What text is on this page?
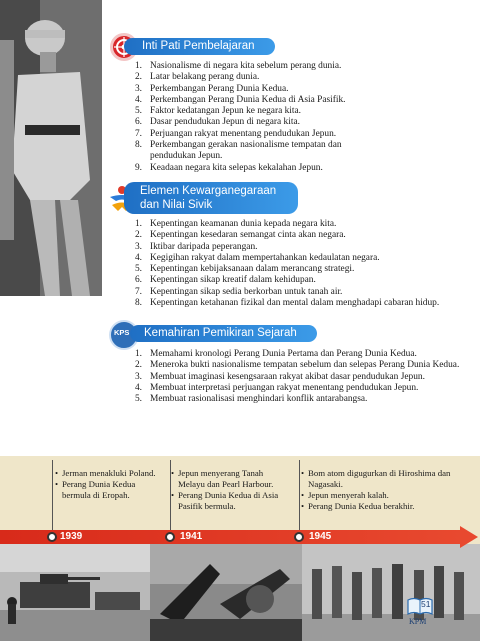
Inti Pati Pembelajaran
1. Nasionalisme di negara kita sebelum perang dunia.
2. Latar belakang perang dunia.
3. Perkembangan Perang Dunia Kedua.
4. Perkembangan Perang Dunia Kedua di Asia Pasifik.
5. Faktor kedatangan Jepun ke negara kita.
6. Dasar pendudukan Jepun di negara kita.
7. Perjuangan rakyat menentang pendudukan Jepun.
8. Perkembangan gerakan nasionalisme tempatan dan pendudukan Jepun.
9. Keadaan negara kita selepas kekalahan Jepun.
Elemen Kewarganegaraan
dan Nilai Sivik
1. Kepentingan keamanan dunia kepada negara kita.
2. Kepentingan kesedaran semangat cinta akan negara.
3. Iktibar daripada peperangan.
4. Kegigihan rakyat dalam mempertahankan kedaulatan negara.
5. Kepentingan kebijaksanaan dalam merancang strategi.
6. Kepentingan sikap kreatif dalam kehidupan.
7. Kepentingan sikap sedia berkorban untuk tanah air.
8. Kepentingan ketahanan fizikal dan mental dalam menghadapi cabaran hidup.
KPS	Kemahiran Pemikiran Sejarah
1. Memahami kronologi Perang Dunia Pertama dan Perang Dunia Kedua.
2. Meneroka bukti nasionalisme tempatan sebelum dan selepas Perang Dunia Kedua.
3. Membuat imaginasi kesengsaraan rakyat akibat dasar pendudukan Jepun.
4. Membuat interpretasi perjuangan rakyat menentang pendudukan Jepun.
5. Membuat rasionalisasi menghindari konflik antarabangsa.
• Jerman menakluki Poland.
• Perang Dunia Kedua bermula di Eropah.
• Jepun menyerang Tanah Melayu dan Pearl Harbour.
• Perang Dunia Kedua di Asia Pasifik bermula.
• Bom atom digugurkan di Hiroshima dan Nagasaki.
• Jepun menyerah kalah.
• Perang Dunia Kedua berakhir.
1939	1941	1945
51
KPM
